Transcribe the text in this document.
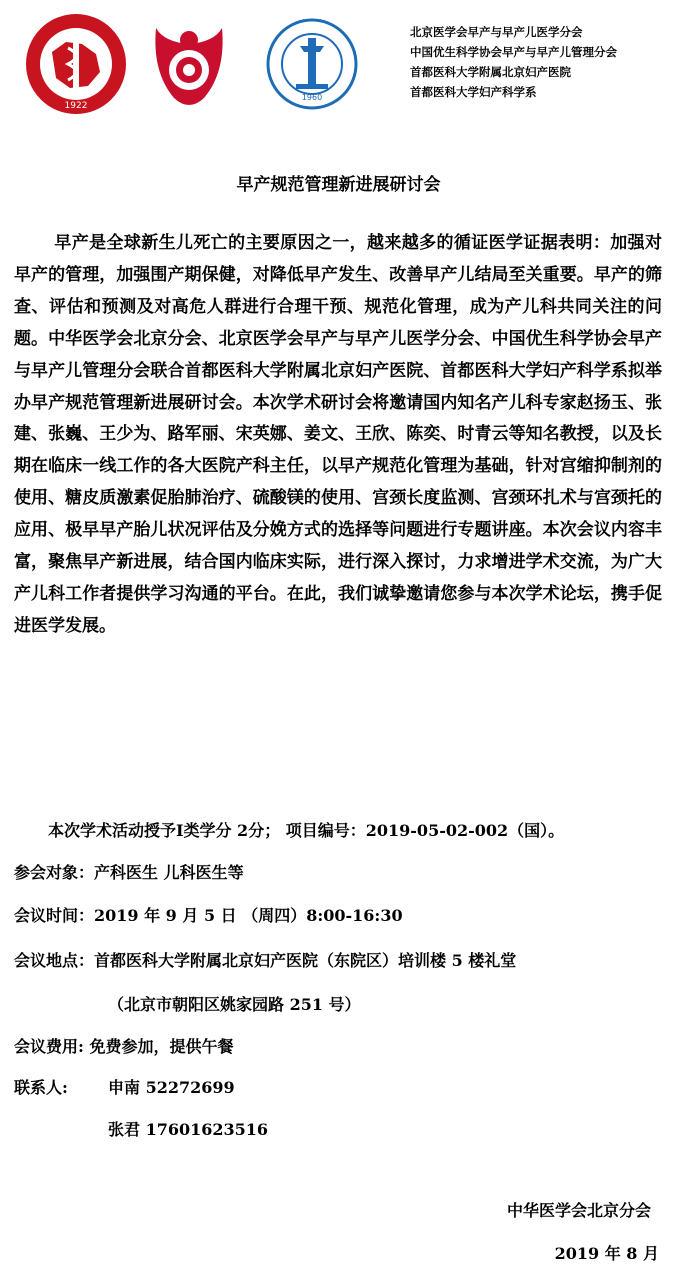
1922
1960
北京医学会早产与早产儿医学分会
中国优生科学协会早产与早产儿管理分会
首都医科大学附属北京妇产医院
首都医科大学妇产科学系
早产规范管理新进展研讨会
早产是全球新生儿死亡的主要原因之一，越来越多的循证医学证据表明：加强对早产的管理，加强围产期保健，对降低早产发生、改善早产儿结局至关重要。早产的筛查、评估和预测及对高危人群进行合理干预、规范化管理，成为产儿科共同关注的问题。中华医学会北京分会、北京医学会早产与早产儿医学分会、中国优生科学协会早产与早产儿管理分会联合首都医科大学附属北京妇产医院、首都医科大学妇产科学系拟举办早产规范管理新进展研讨会。本次学术研讨会将邀请国内知名产儿科专家赵扬玉、张建、张巍、王少为、路军丽、宋英娜、姜文、王欣、陈奕、时青云等知名教授，以及长期在临床一线工作的各大医院产科主任，以早产规范化管理为基础，针对宫缩抑制剂的使用、糖皮质激素促胎肺治疗、硫酸镁的使用、宫颈长度监测、宫颈环扎术与宫颈托的应用、极早早产胎儿状况评估及分娩方式的选择等问题进行专题讲座。本次会议内容丰富，聚焦早产新进展，结合国内临床实际，进行深入探讨，力求增进学术交流，为广大产儿科工作者提供学习沟通的平台。在此，我们诚挚邀请您参与本次学术论坛，携手促进医学发展。
本次学术活动授予Ⅰ类学分 2分； 项目编号：2019-05-02-002（国）。
参会对象：产科医生 儿科医生等
会议时间：2019 年 9 月 5 日 （周四）8:00-16:30
会议地点：首都医科大学附属北京妇产医院（东院区）培训楼 5 楼礼堂
（北京市朝阳区姚家园路 251 号）
会议费用: 免费参加，提供午餐
联系人:	申南 52272699
张君 17601623516
中华医学会北京分会
2019 年 8 月
